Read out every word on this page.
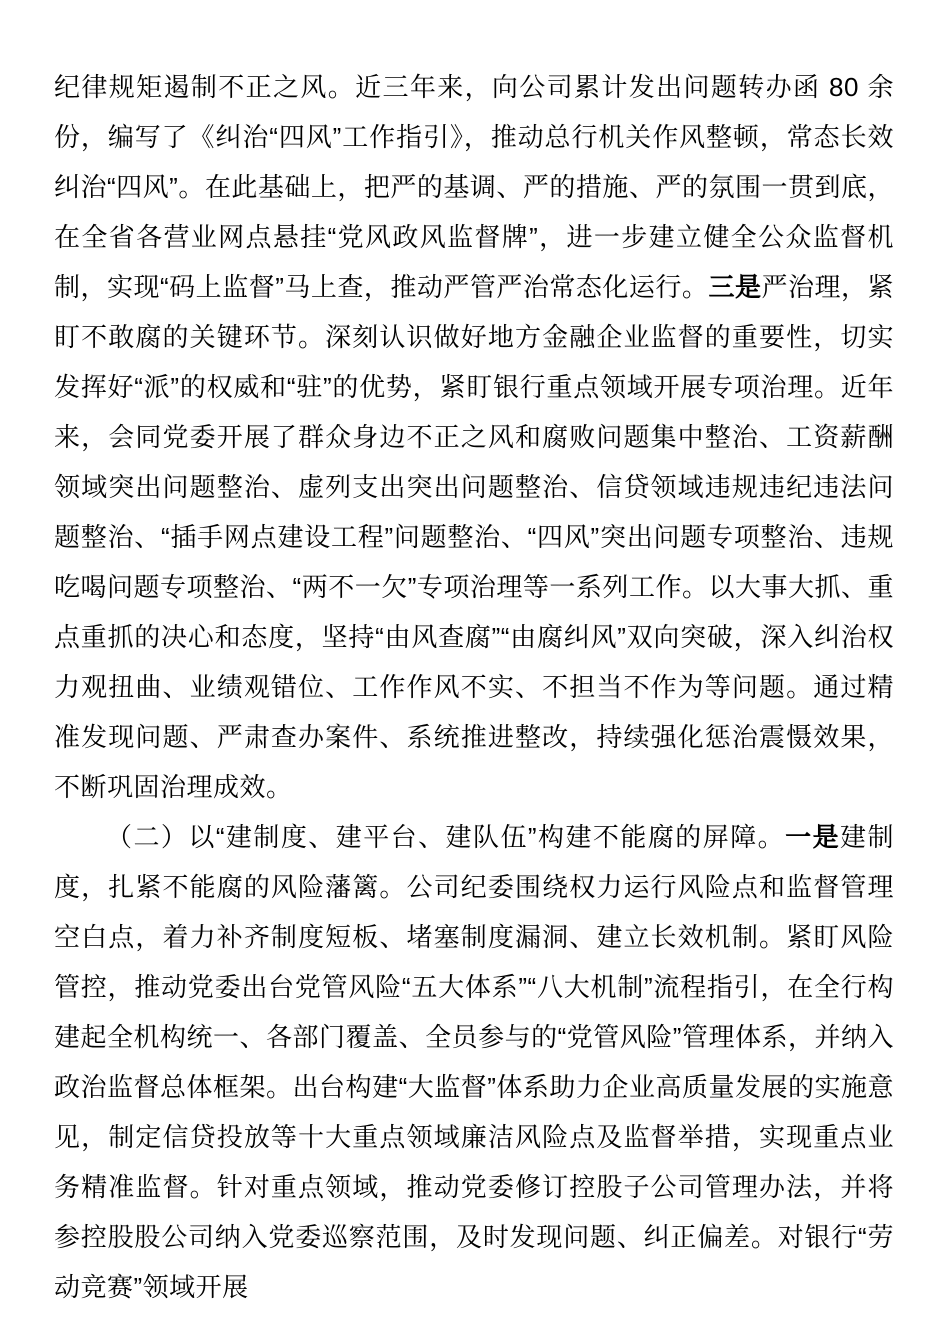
纪律规矩遏制不正之风。近三年来，向公司累计发出问题转办函 80 余份，编写了《纠治“四风”工作指引》，推动总行机关作风整顿，常态长效纠治“四风”。在此基础上，把严的基调、严的措施、严的氛围一贯到底，在全省各营业网点悬挂“党风政风监督牌”，进一步建立健全公众监督机制，实现“码上监督”马上查，推动严管严治常态化运行。三是严治理，紧盯不敢腐的关键环节。深刻认识做好地方金融企业监督的重要性，切实发挥好“派”的权威和“驻”的优势，紧盯银行重点领域开展专项治理。近年来，会同党委开展了群众身边不正之风和腐败问题集中整治、工资薪酬领域突出问题整治、虚列支出突出问题整治、信贷领域违规违纪违法问题整治、“插手网点建设工程”问题整治、“四风”突出问题专项整治、违规吃喝问题专项整治、“两不一欠”专项治理等一系列工作。以大事大抓、重点重抓的决心和态度，坚持“由风查腐”“由腐纠风”双向突破，深入纠治权力观扭曲、业绩观错位、工作作风不实、不担当不作为等问题。通过精准发现问题、严肃查办案件、系统推进整改，持续强化惩治震慑效果，不断巩固治理成效。

（二）以“建制度、建平台、建队伍”构建不能腐的屏障。一是建制度，扎紧不能腐的风险藩篱。公司纪委围绕权力运行风险点和监督管理空白点，着力补齐制度短板、堵塞制度漏洞、建立长效机制。紧盯风险管控，推动党委出台党管风险“五大体系”“八大机制”流程指引，在全行构建起全机构统一、各部门覆盖、全员参与的“党管风险”管理体系，并纳入政治监督总体框架。出台构建“大监督”体系助力企业高质量发展的实施意见，制定信贷投放等十大重点领域廉洁风险点及监督举措，实现重点业务精准监督。针对重点领域，推动党委修订控股子公司管理办法，并将参控股股公司纳入党委巡察范围，及时发现问题、纠正偏差。对银行“劳动竞赛”领域开展
